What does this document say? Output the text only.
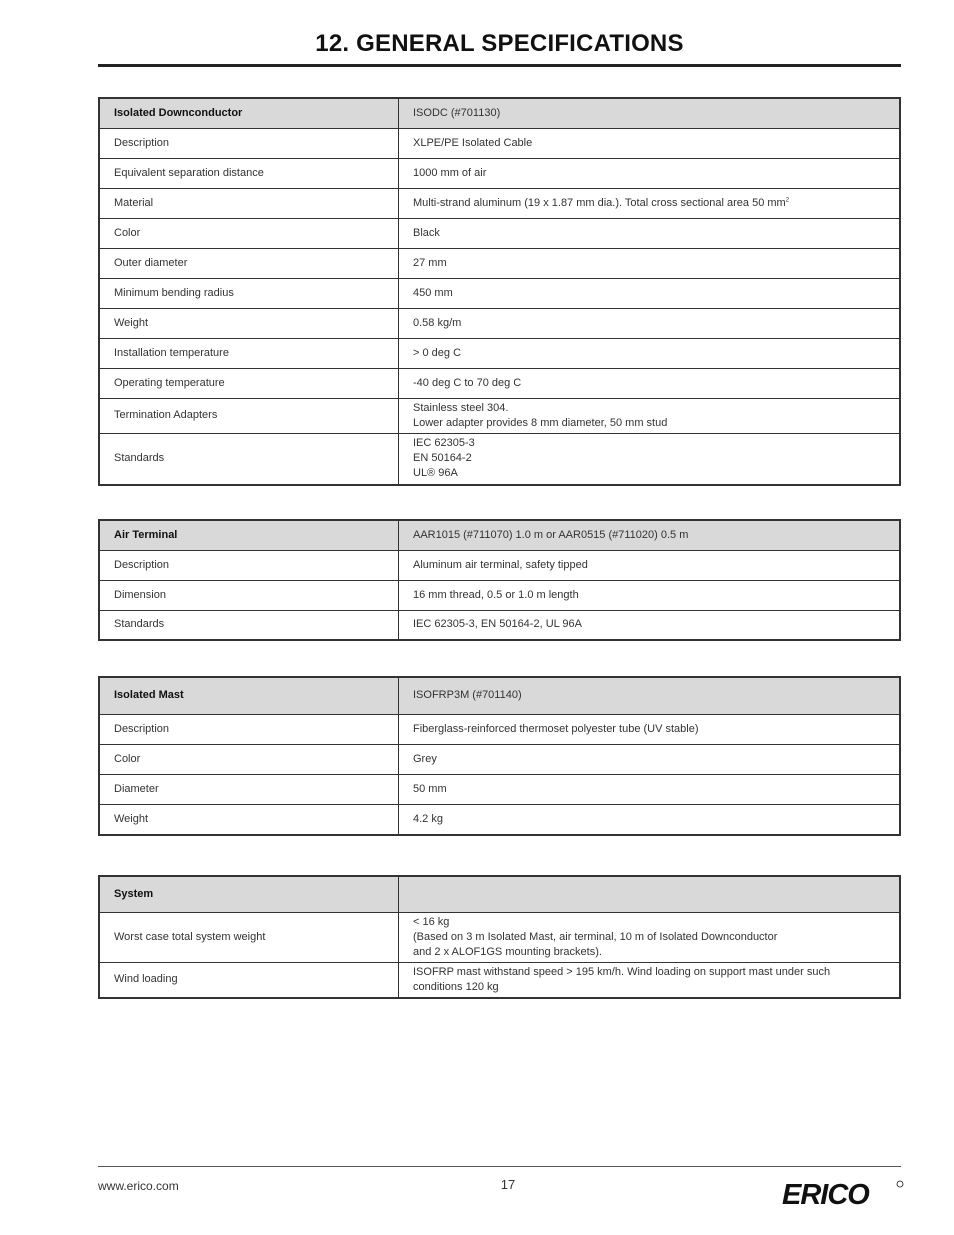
12. GENERAL SPECIFICATIONS
Isolated Downconductor	ISODC (#701130)
Description	XLPE/PE Isolated Cable
Equivalent separation distance	1000 mm of air
Material	Multi-strand aluminum (19 x 1.87 mm dia.). Total cross sectional area 50 $mm^2$
Color	Black
Outer diameter	27 mm
Minimum bending radius	450 mm
Weight	0.58 kg/m
Installation temperature	> 0 deg C
Operating temperature	-40 deg C to 70 deg C
Termination Adapters	Stainless steel 304.
Lower adapter provides 8 mm diameter, 50 mm stud

Standards	IEC 62305-3
EN 50164-2
UL® 96A
Air Terminal	AAR1015 (#711070) 1.0 m or AAR0515 (#711020) 0.5 m
Description	Aluminum air terminal, safety tipped
Dimension	16 mm thread, 0.5 or 1.0 m length
Standards	IEC 62305-3, EN 50164-2, UL 96A
Isolated Mast	ISOFRP3M (#701140)
Description	Fiberglass-reinforced thermoset polyester tube (UV stable)
Color	Grey
Diameter	50 mm
Weight	4.2 kg
System	
Worst case total system weight	< 16 kg
(Based on 3 m Isolated Mast, air terminal, 10 m of Isolated Downconductor
and 2 x ALOF1GS mounting brackets).

Wind loading	ISOFRP mast withstand speed > 195 km/h. Wind loading on support mast under such
conditions 120 kg
www.erico.com	17	ERICO
